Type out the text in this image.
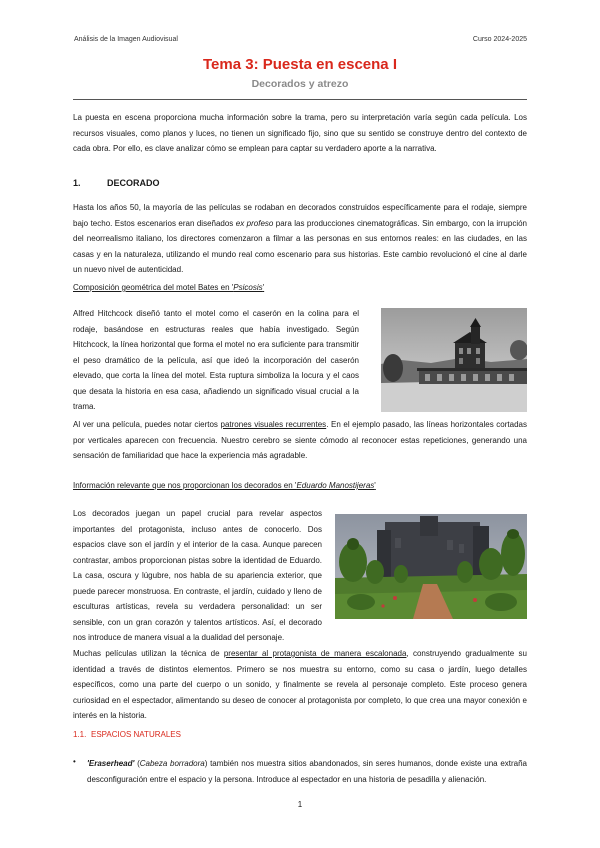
Análisis de la Imagen Audiovisual	Curso 2024-2025
Tema 3: Puesta en escena I
Decorados y atrezo

La puesta en escena proporciona mucha información sobre la trama, pero su interpretación varía según cada película. Los recursos visuales, como planos y luces, no tienen un significado fijo, sino que su sentido se construye dentro del contexto de cada obra. Por ello, es clave analizar cómo se emplean para captar su verdadero aporte a la narrativa.

1.	DECORADO

Hasta los años 50, la mayoría de las películas se rodaban en decorados construidos específicamente para el rodaje, siempre bajo techo. Estos escenarios eran diseñados ex profeso para las producciones cinematográficas. Sin embargo, con la irrupción del neorrealismo italiano, los directores comenzaron a filmar a las personas en sus entornos reales: en las ciudades, en las casas y en la naturaleza, utilizando el mundo real como escenario para sus historias. Este cambio revolucionó el cine al darle un nuevo nivel de autenticidad.

Composición geométrica del motel Bates en 'Psicosis'

Alfred Hitchcock diseñó tanto el motel como el caserón en la colina para el rodaje, basándose en estructuras reales que había investigado. Según Hitchcock, la línea horizontal que forma el motel no era suficiente para transmitir el peso dramático de la película, así que ideó la incorporación del caserón elevado, que corta la línea del motel. Esta ruptura simboliza la locura y el caos que desata la historia en esa casa, añadiendo un significado visual crucial a la trama.

Al ver una película, puedes notar ciertos patrones visuales recurrentes. En el ejemplo pasado, las líneas horizontales cortadas por verticales aparecen con frecuencia. Nuestro cerebro se siente cómodo al reconocer estas repeticiones, generando una sensación de familiaridad que hace la experiencia más agradable.

Información relevante que nos proporcionan los decorados en 'Eduardo Manostijeras'

Los decorados juegan un papel crucial para revelar aspectos importantes del protagonista, incluso antes de conocerlo. Dos espacios clave son el jardín y el interior de la casa. Aunque parecen contrastar, ambos proporcionan pistas sobre la identidad de Eduardo. La casa, oscura y lúgubre, nos habla de su apariencia exterior, que puede parecer monstruosa. En contraste, el jardín, cuidado y lleno de esculturas artísticas, revela su verdadera personalidad: un ser sensible, con un gran corazón y talentos artísticos. Así, el decorado nos introduce de manera visual a la dualidad del personaje.

Muchas películas utilizan la técnica de presentar al protagonista de manera escalonada, construyendo gradualmente su identidad a través de distintos elementos. Primero se nos muestra su entorno, como su casa o jardín, luego detalles específicos, como una parte del cuerpo o un sonido, y finalmente se revela al personaje completo. Este proceso genera curiosidad en el espectador, alimentando su deseo de conocer al protagonista por completo, lo que crea una mayor conexión e interés en la historia.

1.1. ESPACIOS NATURALES
• 'Eraserhead' (Cabeza borradora) también nos muestra sitios abandonados, sin seres humanos, donde existe una extraña desconfiguración entre el espacio y la persona. Introduce al espectador en una historia de pesadilla y alienación.

1
